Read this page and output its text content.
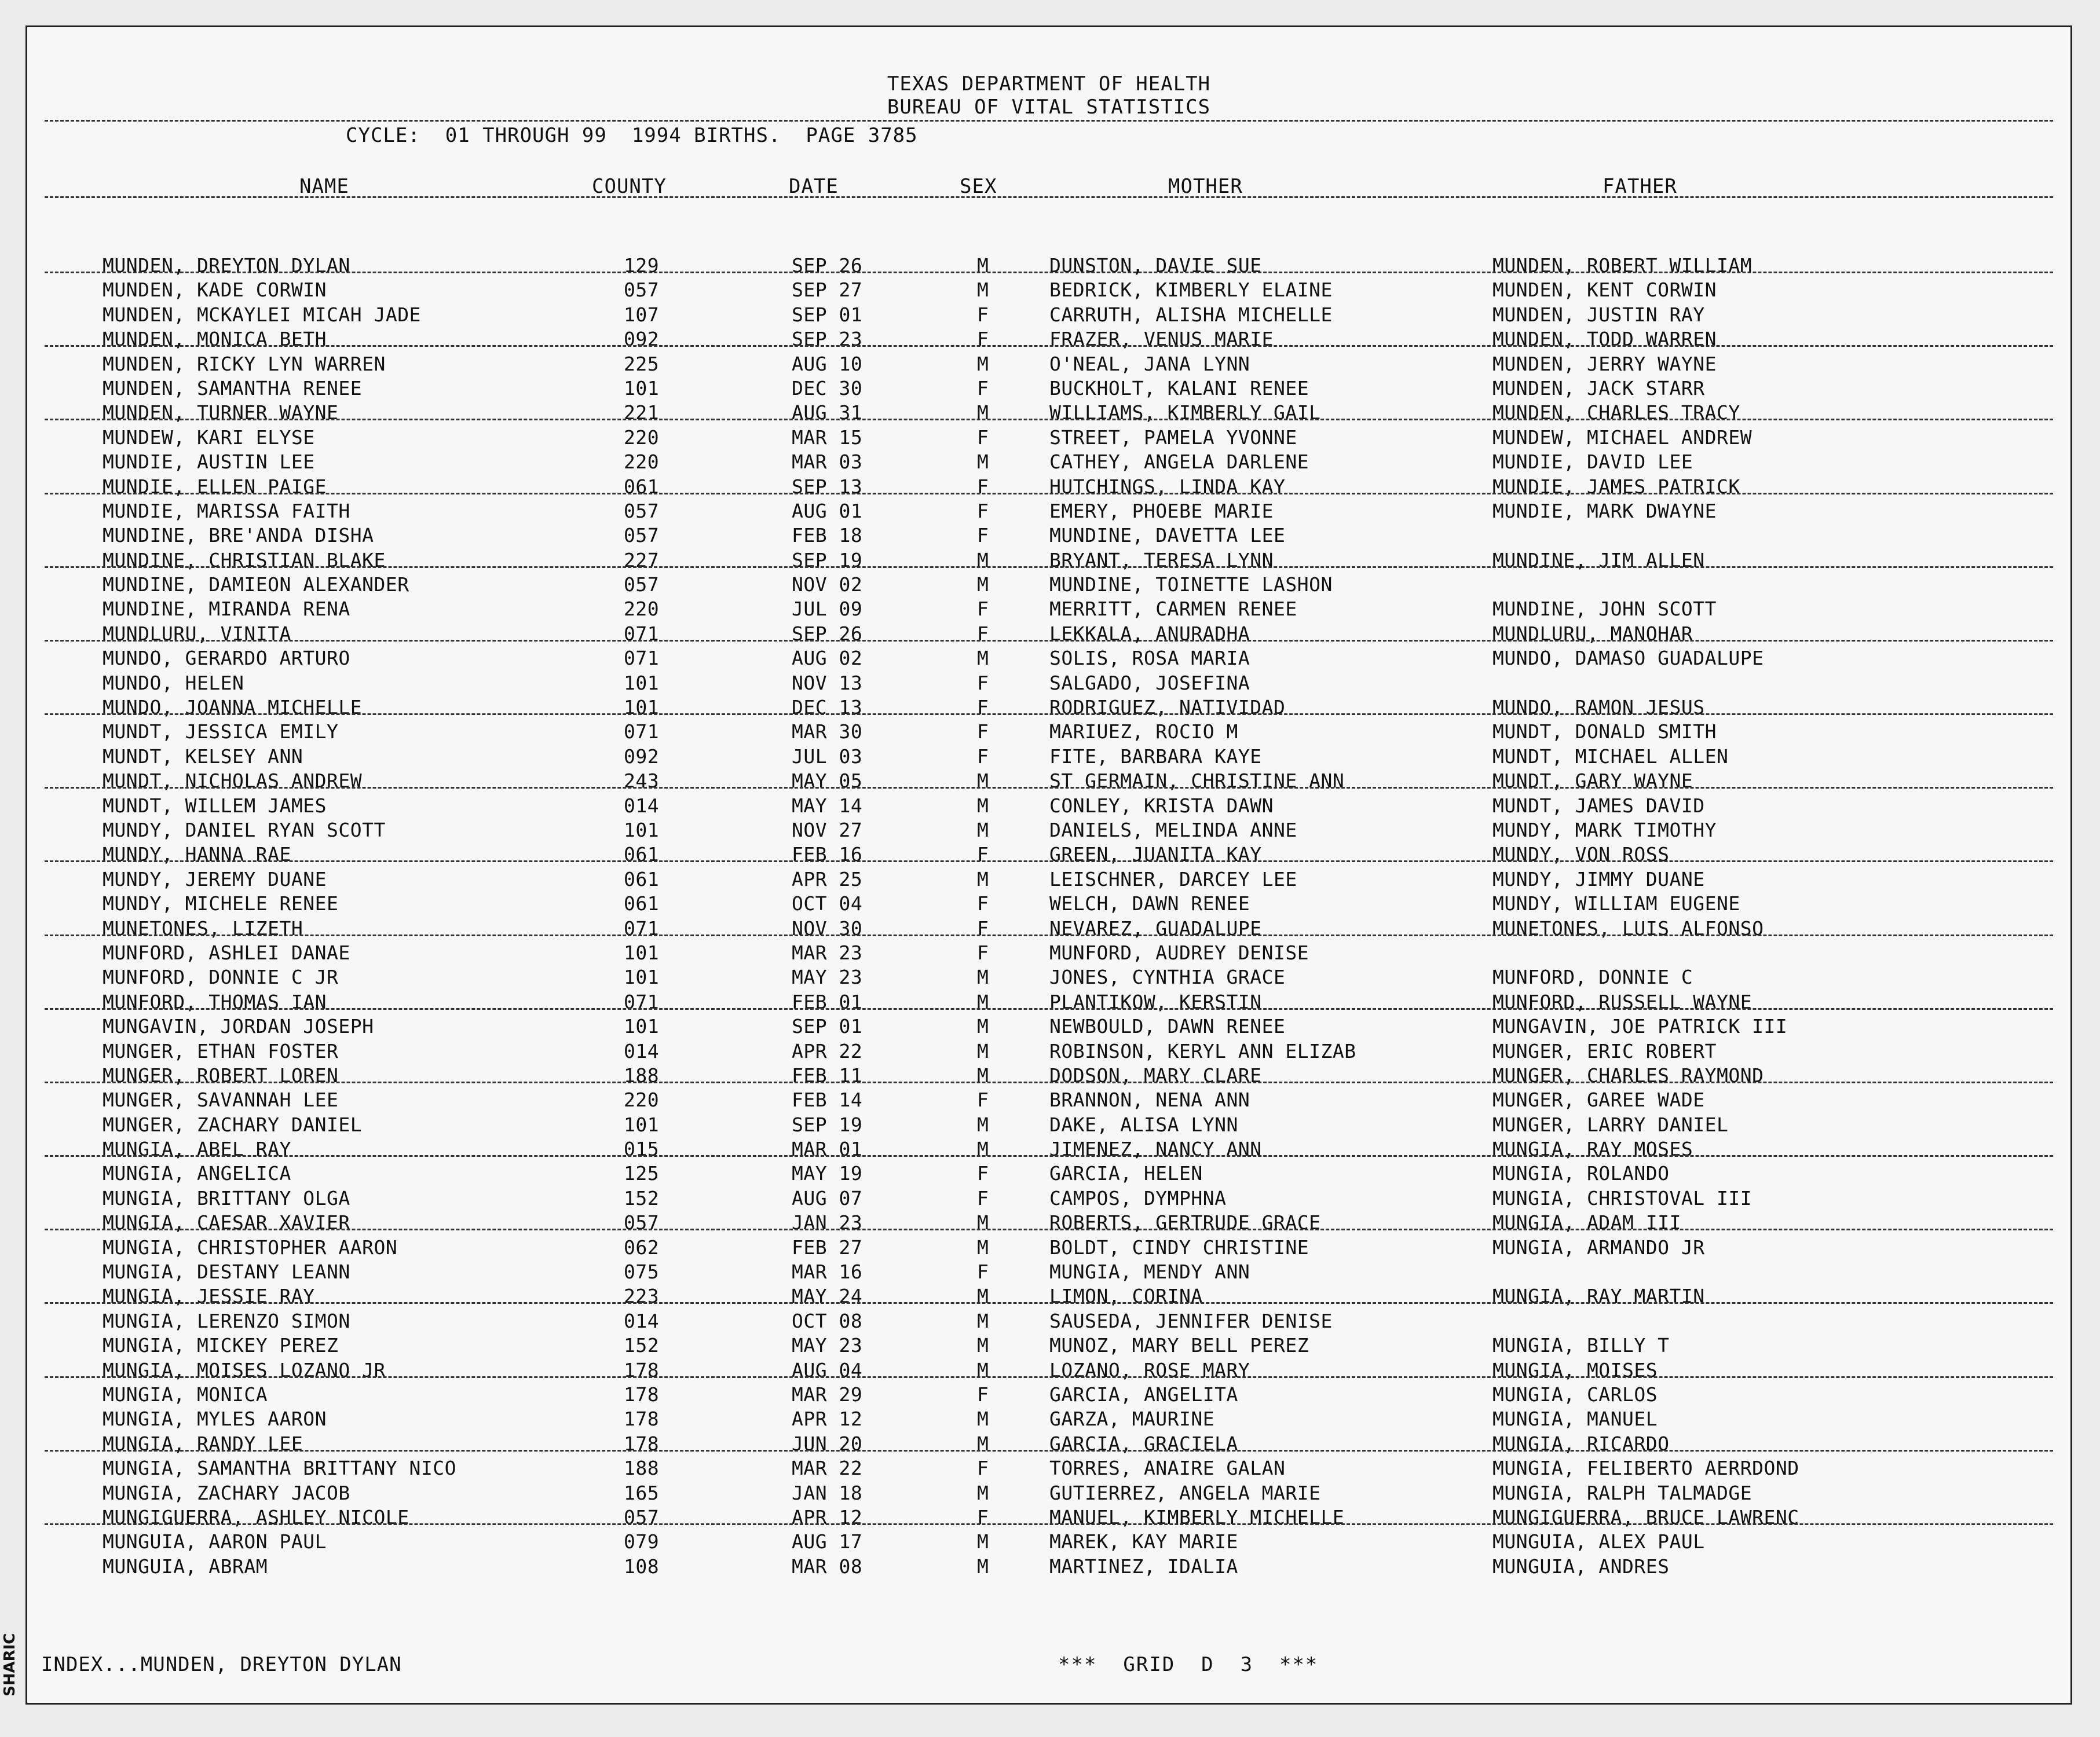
SHARIC
TEXAS DEPARTMENT OF HEALTH
BUREAU OF VITAL STATISTICS
CYCLE:  01 THROUGH 99  1994 BIRTHS.  PAGE 3785
NAME	COUNTY	DATE	SEX	MOTHER	FATHER
MUNDEN, DREYTON DYLAN	129	SEP 26	M	DUNSTON, DAVIE SUE	MUNDEN, ROBERT WILLIAM
MUNDEN, KADE CORWIN	057	SEP 27	M	BEDRICK, KIMBERLY ELAINE	MUNDEN, KENT CORWIN
MUNDEN, MCKAYLEI MICAH JADE	107	SEP 01	F	CARRUTH, ALISHA MICHELLE	MUNDEN, JUSTIN RAY
MUNDEN, MONICA BETH	092	SEP 23	F	FRAZER, VENUS MARIE	MUNDEN, TODD WARREN
MUNDEN, RICKY LYN WARREN	225	AUG 10	M	O'NEAL, JANA LYNN	MUNDEN, JERRY WAYNE
MUNDEN, SAMANTHA RENEE	101	DEC 30	F	BUCKHOLT, KALANI RENEE	MUNDEN, JACK STARR
MUNDEN, TURNER WAYNE	221	AUG 31	M	WILLIAMS, KIMBERLY GAIL	MUNDEN, CHARLES TRACY
MUNDEW, KARI ELYSE	220	MAR 15	F	STREET, PAMELA YVONNE	MUNDEW, MICHAEL ANDREW
MUNDIE, AUSTIN LEE	220	MAR 03	M	CATHEY, ANGELA DARLENE	MUNDIE, DAVID LEE
MUNDIE, ELLEN PAIGE	061	SEP 13	F	HUTCHINGS, LINDA KAY	MUNDIE, JAMES PATRICK
MUNDIE, MARISSA FAITH	057	AUG 01	F	EMERY, PHOEBE MARIE	MUNDIE, MARK DWAYNE
MUNDINE, BRE'ANDA DISHA	057	FEB 18	F	MUNDINE, DAVETTA LEE
MUNDINE, CHRISTIAN BLAKE	227	SEP 19	M	BRYANT, TERESA LYNN	MUNDINE, JIM ALLEN
MUNDINE, DAMIEON ALEXANDER	057	NOV 02	M	MUNDINE, TOINETTE LASHON
MUNDINE, MIRANDA RENA	220	JUL 09	F	MERRITT, CARMEN RENEE	MUNDINE, JOHN SCOTT
MUNDLURU, VINITA	071	SEP 26	F	LEKKALA, ANURADHA	MUNDLURU, MANOHAR
MUNDO, GERARDO ARTURO	071	AUG 02	M	SOLIS, ROSA MARIA	MUNDO, DAMASO GUADALUPE
MUNDO, HELEN	101	NOV 13	F	SALGADO, JOSEFINA
MUNDO, JOANNA MICHELLE	101	DEC 13	F	RODRIGUEZ, NATIVIDAD	MUNDO, RAMON JESUS
MUNDT, JESSICA EMILY	071	MAR 30	F	MARIUEZ, ROCIO M	MUNDT, DONALD SMITH
MUNDT, KELSEY ANN	092	JUL 03	F	FITE, BARBARA KAYE	MUNDT, MICHAEL ALLEN
MUNDT, NICHOLAS ANDREW	243	MAY 05	M	ST GERMAIN, CHRISTINE ANN	MUNDT, GARY WAYNE
MUNDT, WILLEM JAMES	014	MAY 14	M	CONLEY, KRISTA DAWN	MUNDT, JAMES DAVID
MUNDY, DANIEL RYAN SCOTT	101	NOV 27	M	DANIELS, MELINDA ANNE	MUNDY, MARK TIMOTHY
MUNDY, HANNA RAE	061	FEB 16	F	GREEN, JUANITA KAY	MUNDY, VON ROSS
MUNDY, JEREMY DUANE	061	APR 25	M	LEISCHNER, DARCEY LEE	MUNDY, JIMMY DUANE
MUNDY, MICHELE RENEE	061	OCT 04	F	WELCH, DAWN RENEE	MUNDY, WILLIAM EUGENE
MUNETONES, LIZETH	071	NOV 30	F	NEVAREZ, GUADALUPE	MUNETONES, LUIS ALFONSO
MUNFORD, ASHLEI DANAE	101	MAR 23	F	MUNFORD, AUDREY DENISE
MUNFORD, DONNIE C JR	101	MAY 23	M	JONES, CYNTHIA GRACE	MUNFORD, DONNIE C
MUNFORD, THOMAS IAN	071	FEB 01	M	PLANTIKOW, KERSTIN	MUNFORD, RUSSELL WAYNE
MUNGAVIN, JORDAN JOSEPH	101	SEP 01	M	NEWBOULD, DAWN RENEE	MUNGAVIN, JOE PATRICK III
MUNGER, ETHAN FOSTER	014	APR 22	M	ROBINSON, KERYL ANN ELIZAB	MUNGER, ERIC ROBERT
MUNGER, ROBERT LOREN	188	FEB 11	M	DODSON, MARY CLARE	MUNGER, CHARLES RAYMOND
MUNGER, SAVANNAH LEE	220	FEB 14	F	BRANNON, NENA ANN	MUNGER, GAREE WADE
MUNGER, ZACHARY DANIEL	101	SEP 19	M	DAKE, ALISA LYNN	MUNGER, LARRY DANIEL
MUNGIA, ABEL RAY	015	MAR 01	M	JIMENEZ, NANCY ANN	MUNGIA, RAY MOSES
MUNGIA, ANGELICA	125	MAY 19	F	GARCIA, HELEN	MUNGIA, ROLANDO
MUNGIA, BRITTANY OLGA	152	AUG 07	F	CAMPOS, DYMPHNA	MUNGIA, CHRISTOVAL III
MUNGIA, CAESAR XAVIER	057	JAN 23	M	ROBERTS, GERTRUDE GRACE	MUNGIA, ADAM III
MUNGIA, CHRISTOPHER AARON	062	FEB 27	M	BOLDT, CINDY CHRISTINE	MUNGIA, ARMANDO JR
MUNGIA, DESTANY LEANN	075	MAR 16	F	MUNGIA, MENDY ANN
MUNGIA, JESSIE RAY	223	MAY 24	M	LIMON, CORINA	MUNGIA, RAY MARTIN
MUNGIA, LERENZO SIMON	014	OCT 08	M	SAUSEDA, JENNIFER DENISE
MUNGIA, MICKEY PEREZ	152	MAY 23	M	MUNOZ, MARY BELL PEREZ	MUNGIA, BILLY T
MUNGIA, MOISES LOZANO JR	178	AUG 04	M	LOZANO, ROSE MARY	MUNGIA, MOISES
MUNGIA, MONICA	178	MAR 29	F	GARCIA, ANGELITA	MUNGIA, CARLOS
MUNGIA, MYLES AARON	178	APR 12	M	GARZA, MAURINE	MUNGIA, MANUEL
MUNGIA, RANDY LEE	178	JUN 20	M	GARCIA, GRACIELA	MUNGIA, RICARDO
MUNGIA, SAMANTHA BRITTANY NICO	188	MAR 22	F	TORRES, ANAIRE GALAN	MUNGIA, FELIBERTO AERRDOND
MUNGIA, ZACHARY JACOB	165	JAN 18	M	GUTIERREZ, ANGELA MARIE	MUNGIA, RALPH TALMADGE
MUNGIGUERRA, ASHLEY NICOLE	057	APR 12	F	MANUEL, KIMBERLY MICHELLE	MUNGIGUERRA, BRUCE LAWRENC
MUNGUIA, AARON PAUL	079	AUG 17	M	MAREK, KAY MARIE	MUNGUIA, ALEX PAUL
MUNGUIA, ABRAM	108	MAR 08	M	MARTINEZ, IDALIA	MUNGUIA, ANDRES
INDEX...MUNDEN, DREYTON DYLAN	***  GRID  D  3  ***
